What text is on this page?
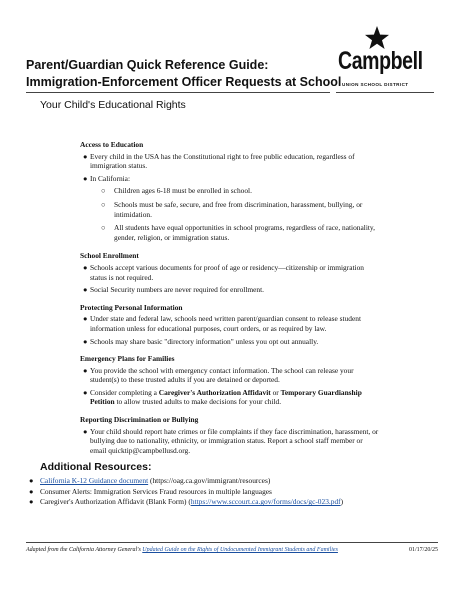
Parent/Guardian Quick Reference Guide:
Immigration-Enforcement Officer Requests at School
Campbell
UNION SCHOOL DISTRICT
Your Child's Educational Rights
Access to Education
● Every child in the USA has the Constitutional right to free public education, regardless of immigration status.
● In California:
○ Children ages 6-18 must be enrolled in school.
○ Schools must be safe, secure, and free from discrimination, harassment, bullying, or intimidation.
○ All students have equal opportunities in school programs, regardless of race, nationality, gender, religion, or immigration status.
School Enrollment
● Schools accept various documents for proof of age or residency—citizenship or immigration status is not required.
● Social Security numbers are never required for enrollment.
Protecting Personal Information
● Under state and federal law, schools need written parent/guardian consent to release student information unless for educational purposes, court orders, or as required by law.
● Schools may share basic "directory information" unless you opt out annually.
Emergency Plans for Families
● You provide the school with emergency contact information. The school can release your student(s) to these trusted adults if you are detained or deported.
● Consider completing a Caregiver's Authorization Affidavit or Temporary Guardianship Petition to allow trusted adults to make decisions for your child.
Reporting Discrimination or Bullying
● Your child should report hate crimes or file complaints if they face discrimination, harassment, or bullying due to nationality, ethnicity, or immigration status. Report a school staff member or email quicktip@campbellusd.org.
Additional Resources:
● California K-12 Guidance document (https://oag.ca.gov/immigrant/resources)
● Consumer Alerts: Immigration Services Fraud resources in multiple languages
● Caregiver's Authorization Affidavit (Blank Form) (https://www.sccourt.ca.gov/forms/docs/gc-023.pdf)
Adapted from the California Attorney General's Updated Guide on the Rights of Undocumented Immigrant Students and Families	01/17/20/25
